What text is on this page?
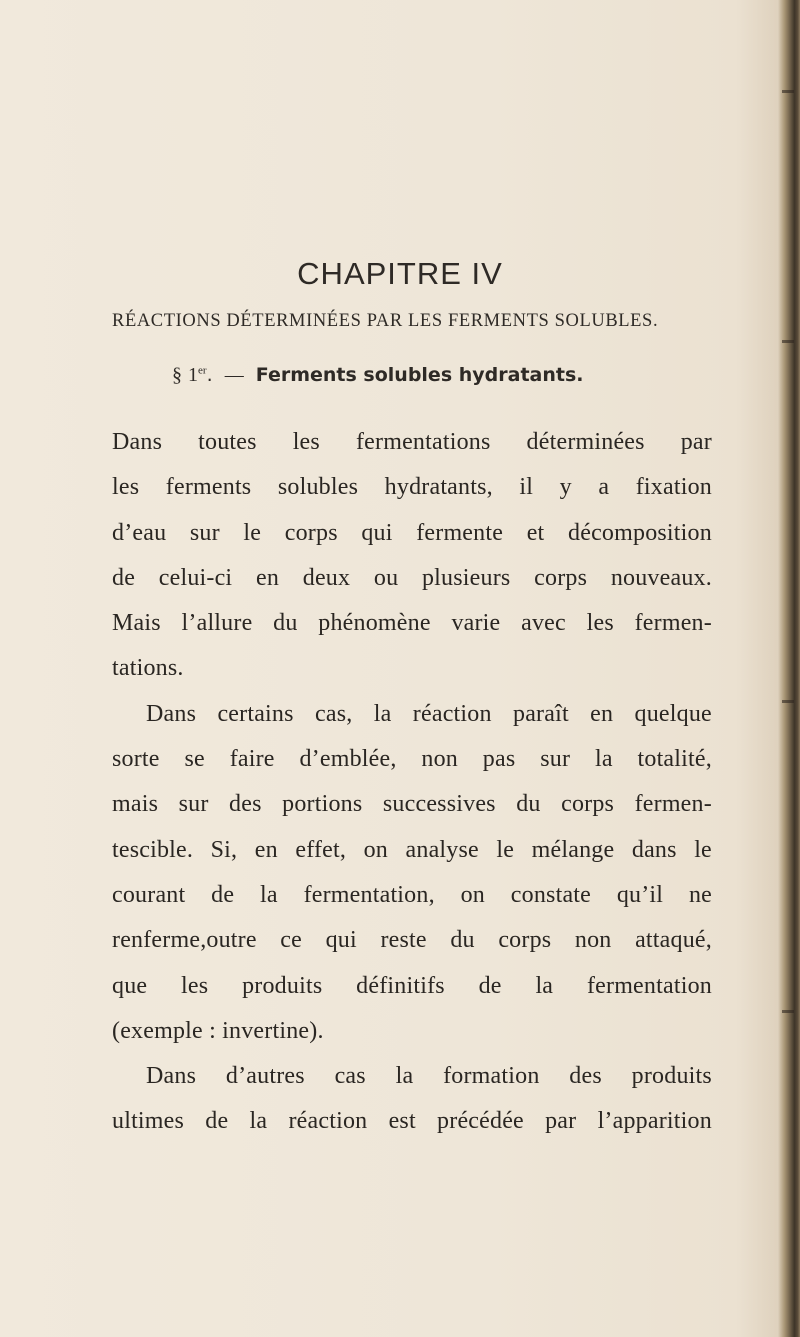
CHAPITRE IV
RÉACTIONS DÉTERMINÉES PAR LES FERMENTS SOLUBLES.
§ 1er. — Ferments solubles hydratants.
Dans toutes les fermentations déterminées par
les ferments solubles hydratants, il y a fixation
d’eau sur le corps qui fermente et décomposition
de celui-ci en deux ou plusieurs corps nouveaux.
Mais l’allure du phénomène varie avec les fermen-
tations.
Dans certains cas, la réaction paraît en quelque
sorte se faire d’emblée, non pas sur la totalité,
mais sur des portions successives du corps fermen-
tescible. Si, en effet, on analyse le mélange dans le
courant de la fermentation, on constate qu’il ne
renferme,outre ce qui reste du corps non attaqué,
que les produits définitifs de la fermentation
(exemple : invertine).
Dans d’autres cas la formation des produits
ultimes de la réaction est précédée par l’apparition
